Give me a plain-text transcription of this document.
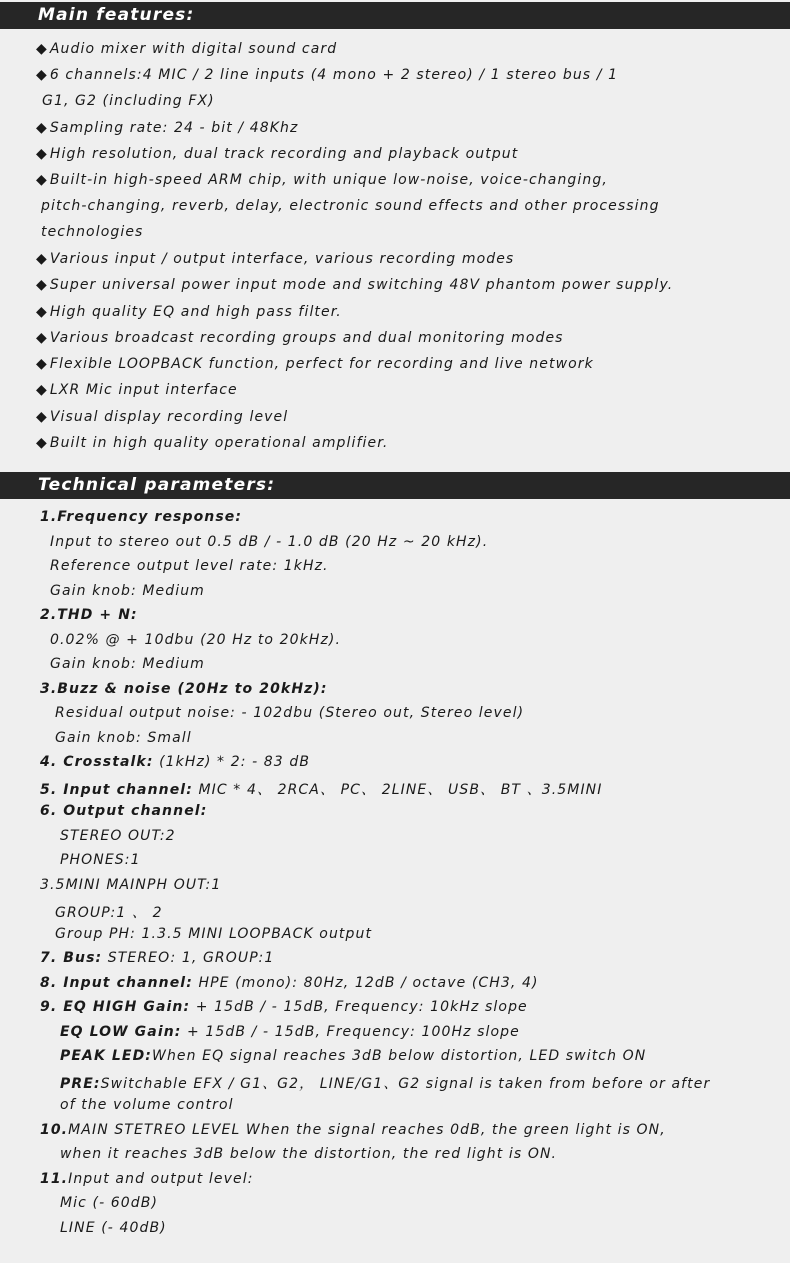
Main features:
◆ Audio mixer with digital sound card
◆ 6 channels:4 MIC / 2 line inputs (4 mono + 2 stereo) / 1 stereo bus / 1
G1, G2 (including FX)
◆ Sampling rate: 24 - bit / 48Khz
◆ High resolution, dual track recording and playback output
◆ Built-in high-speed ARM chip, with unique low-noise, voice-changing,
pitch-changing, reverb, delay, electronic sound effects and other processing
technologies
◆ Various input / output interface, various recording modes
◆ Super universal power input mode and switching 48V phantom power supply.
◆ High quality EQ and high pass filter.
◆ Various broadcast recording groups and dual monitoring modes
◆ Flexible LOOPBACK function, perfect for recording and live network
◆ LXR Mic input interface
◆ Visual display recording level
◆ Built in high quality operational amplifier.
Technical parameters:
1.Frequency response:
Input to stereo out 0.5 dB / - 1.0 dB (20 Hz ~ 20 kHz).
Reference output level rate: 1kHz.
Gain knob: Medium
2.THD + N:
0.02% @ + 10dbu (20 Hz to 20kHz).
Gain knob: Medium
3.Buzz & noise (20Hz to 20kHz):
Residual output noise: - 102dbu (Stereo out, Stereo level)
Gain knob: Small
4. Crosstalk: (1kHz) * 2: - 83 dB
5. Input channel: MIC * 4、 2RCA、 PC、 2LINE、 USB、 BT 、3.5MINI
6. Output channel:
STEREO OUT:2
PHONES:1
3.5MINI MAINPH OUT:1
GROUP:1 、 2
Group PH: 1.3.5 MINI LOOPBACK output
7. Bus: STEREO: 1, GROUP:1
8. Input channel: HPE (mono): 80Hz, 12dB / octave (CH3, 4)
9. EQ HIGH Gain: + 15dB / - 15dB, Frequency: 10kHz slope
EQ LOW Gain: + 15dB / - 15dB, Frequency: 100Hz slope
PEAK LED:When EQ signal reaches 3dB below distortion, LED switch ON
PRE:Switchable EFX / G1、G2， LINE/G1、G2 signal is taken from before or after
of the volume control
10.MAIN STETREO LEVEL When the signal reaches 0dB, the green light is ON,
when it reaches 3dB below the distortion, the red light is ON.
11.Input and output level:
Mic (- 60dB)
LINE (- 40dB)
